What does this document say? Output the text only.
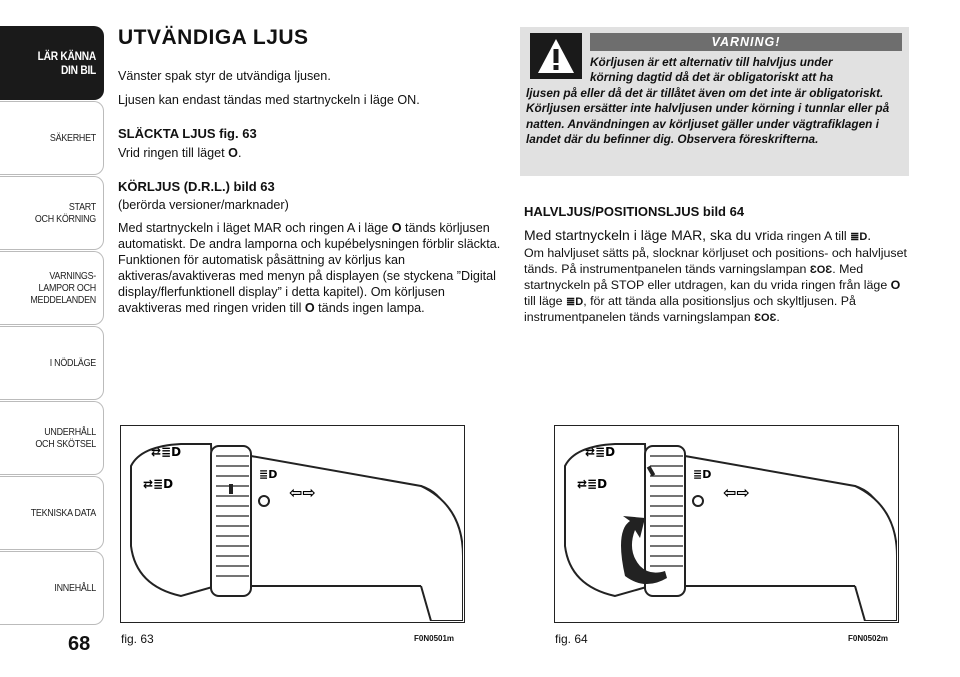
LÄR KÄNNA
DIN BIL
SÄKERHET
START
OCH KÖRNING
VARNINGS-
LAMPOR OCH
MEDDELANDEN
I NÖDLÄGE
UNDERHÅLL
OCH SKÖTSEL
TEKNISKA DATA
INNEHÅLL
68
UTVÄNDIGA LJUS

Vänster spak styr de utvändiga ljusen.

Ljusen kan endast tändas med startnyckeln i läge ON.

SLÄCKTA LJUS fig. 63

Vrid ringen till läget O.

KÖRLJUS (D.R.L.) bild 63
(berörda versioner/marknader)

Med startnyckeln i läget MAR och ringen A i läge O tänds körljusen automatiskt. De andra lamporna och kupébelysningen förblir släckta. Funktionen för automatisk påsättning av körljus kan aktiveras/avaktiveras med menyn på displayen (se styckena ”Digital display/flerfunktionell display” i detta kapitel). Om körljusen avaktiveras med ringen vriden till O tänds ingen lampa.

VARNING!
Körljusen är ett alternativ till halvljus under
körning dagtid då det är obligatoriskt att ha
ljusen på eller då det är tillåtet även om det inte är obligatoriskt. Körljusen ersätter inte halvljusen under körning i tunnlar eller på natten. Användningen av körljuset gäller under vägtrafiklagen i landet där du befinner dig. Observera föreskrifterna.
HALVLJUS/POSITIONSLJUS bild 64

Med startnyckeln i läge MAR, ska du vrida ringen A till ≣D.

Om halvljuset sätts på, slocknar körljuset och positions- och halvljuset tänds. På instrumentpanelen tänds varningslampan ƐOƐ. Med startnyckeln på STOP eller utdragen, kan du vrida ringen från läge O till läge ≣D, för att tända alla positionsljus och skyltljusen. På instrumentpanelen tänds varningslampan ƐOƐ.

⇄≣D
⇄≣D
≣D
⇦⇨
fig. 63	F0N0501m
⇄≣D
⇄≣D
≣D
⇦⇨
fig. 64	F0N0502m
